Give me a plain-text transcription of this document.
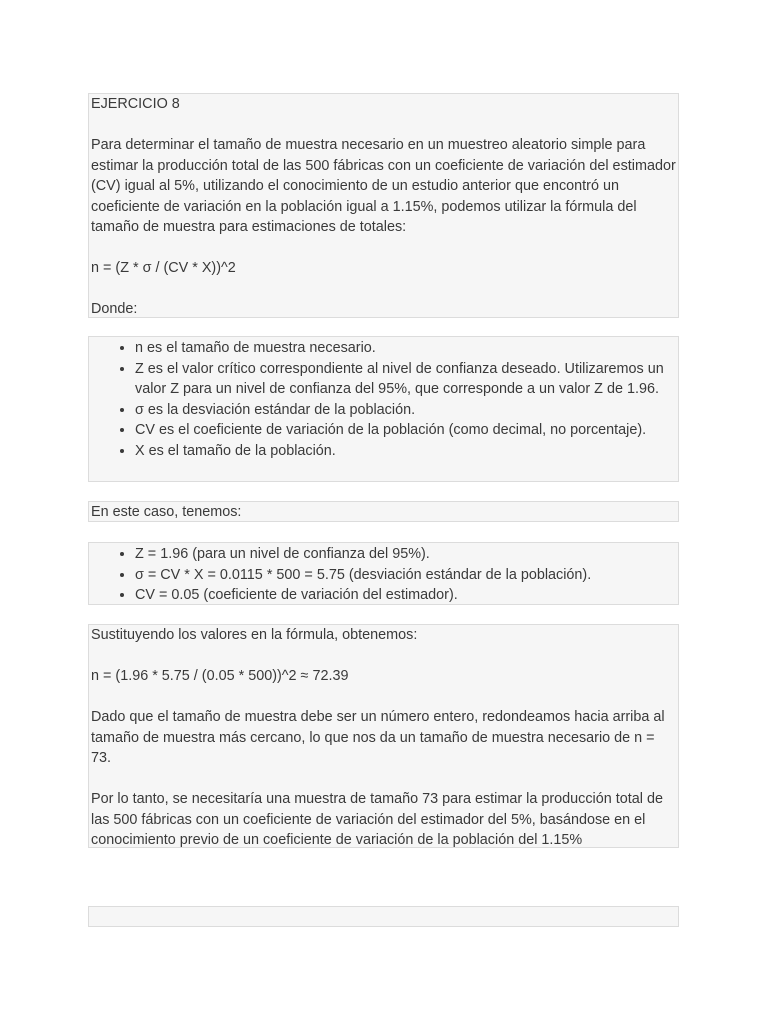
EJERCICIO 8

Para determinar el tamaño de muestra necesario en un muestreo aleatorio simple para estimar la producción total de las 500 fábricas con un coeficiente de variación del estimador (CV) igual al 5%, utilizando el conocimiento de un estudio anterior que encontró un coeficiente de variación en la población igual a 1.15%, podemos utilizar la fórmula del tamaño de muestra para estimaciones de totales:

n = (Z * σ / (CV * X))^2

Donde:

• n es el tamaño de muestra necesario.
• Z es el valor crítico correspondiente al nivel de confianza deseado. Utilizaremos un valor Z para un nivel de confianza del 95%, que corresponde a un valor Z de 1.96.
• σ es la desviación estándar de la población.
• CV es el coeficiente de variación de la población (como decimal, no porcentaje).
• X es el tamaño de la población.

En este caso, tenemos:

• Z = 1.96 (para un nivel de confianza del 95%).
• σ = CV * X = 0.0115 * 500 = 5.75 (desviación estándar de la población).
• CV = 0.05 (coeficiente de variación del estimador).

Sustituyendo los valores en la fórmula, obtenemos:

n = (1.96 * 5.75 / (0.05 * 500))^2 ≈ 72.39

Dado que el tamaño de muestra debe ser un número entero, redondeamos hacia arriba al tamaño de muestra más cercano, lo que nos da un tamaño de muestra necesario de n = 73.

Por lo tanto, se necesitaría una muestra de tamaño 73 para estimar la producción total de las 500 fábricas con un coeficiente de variación del estimador del 5%, basándose en el conocimiento previo de un coeficiente de variación de la población del 1.15%
